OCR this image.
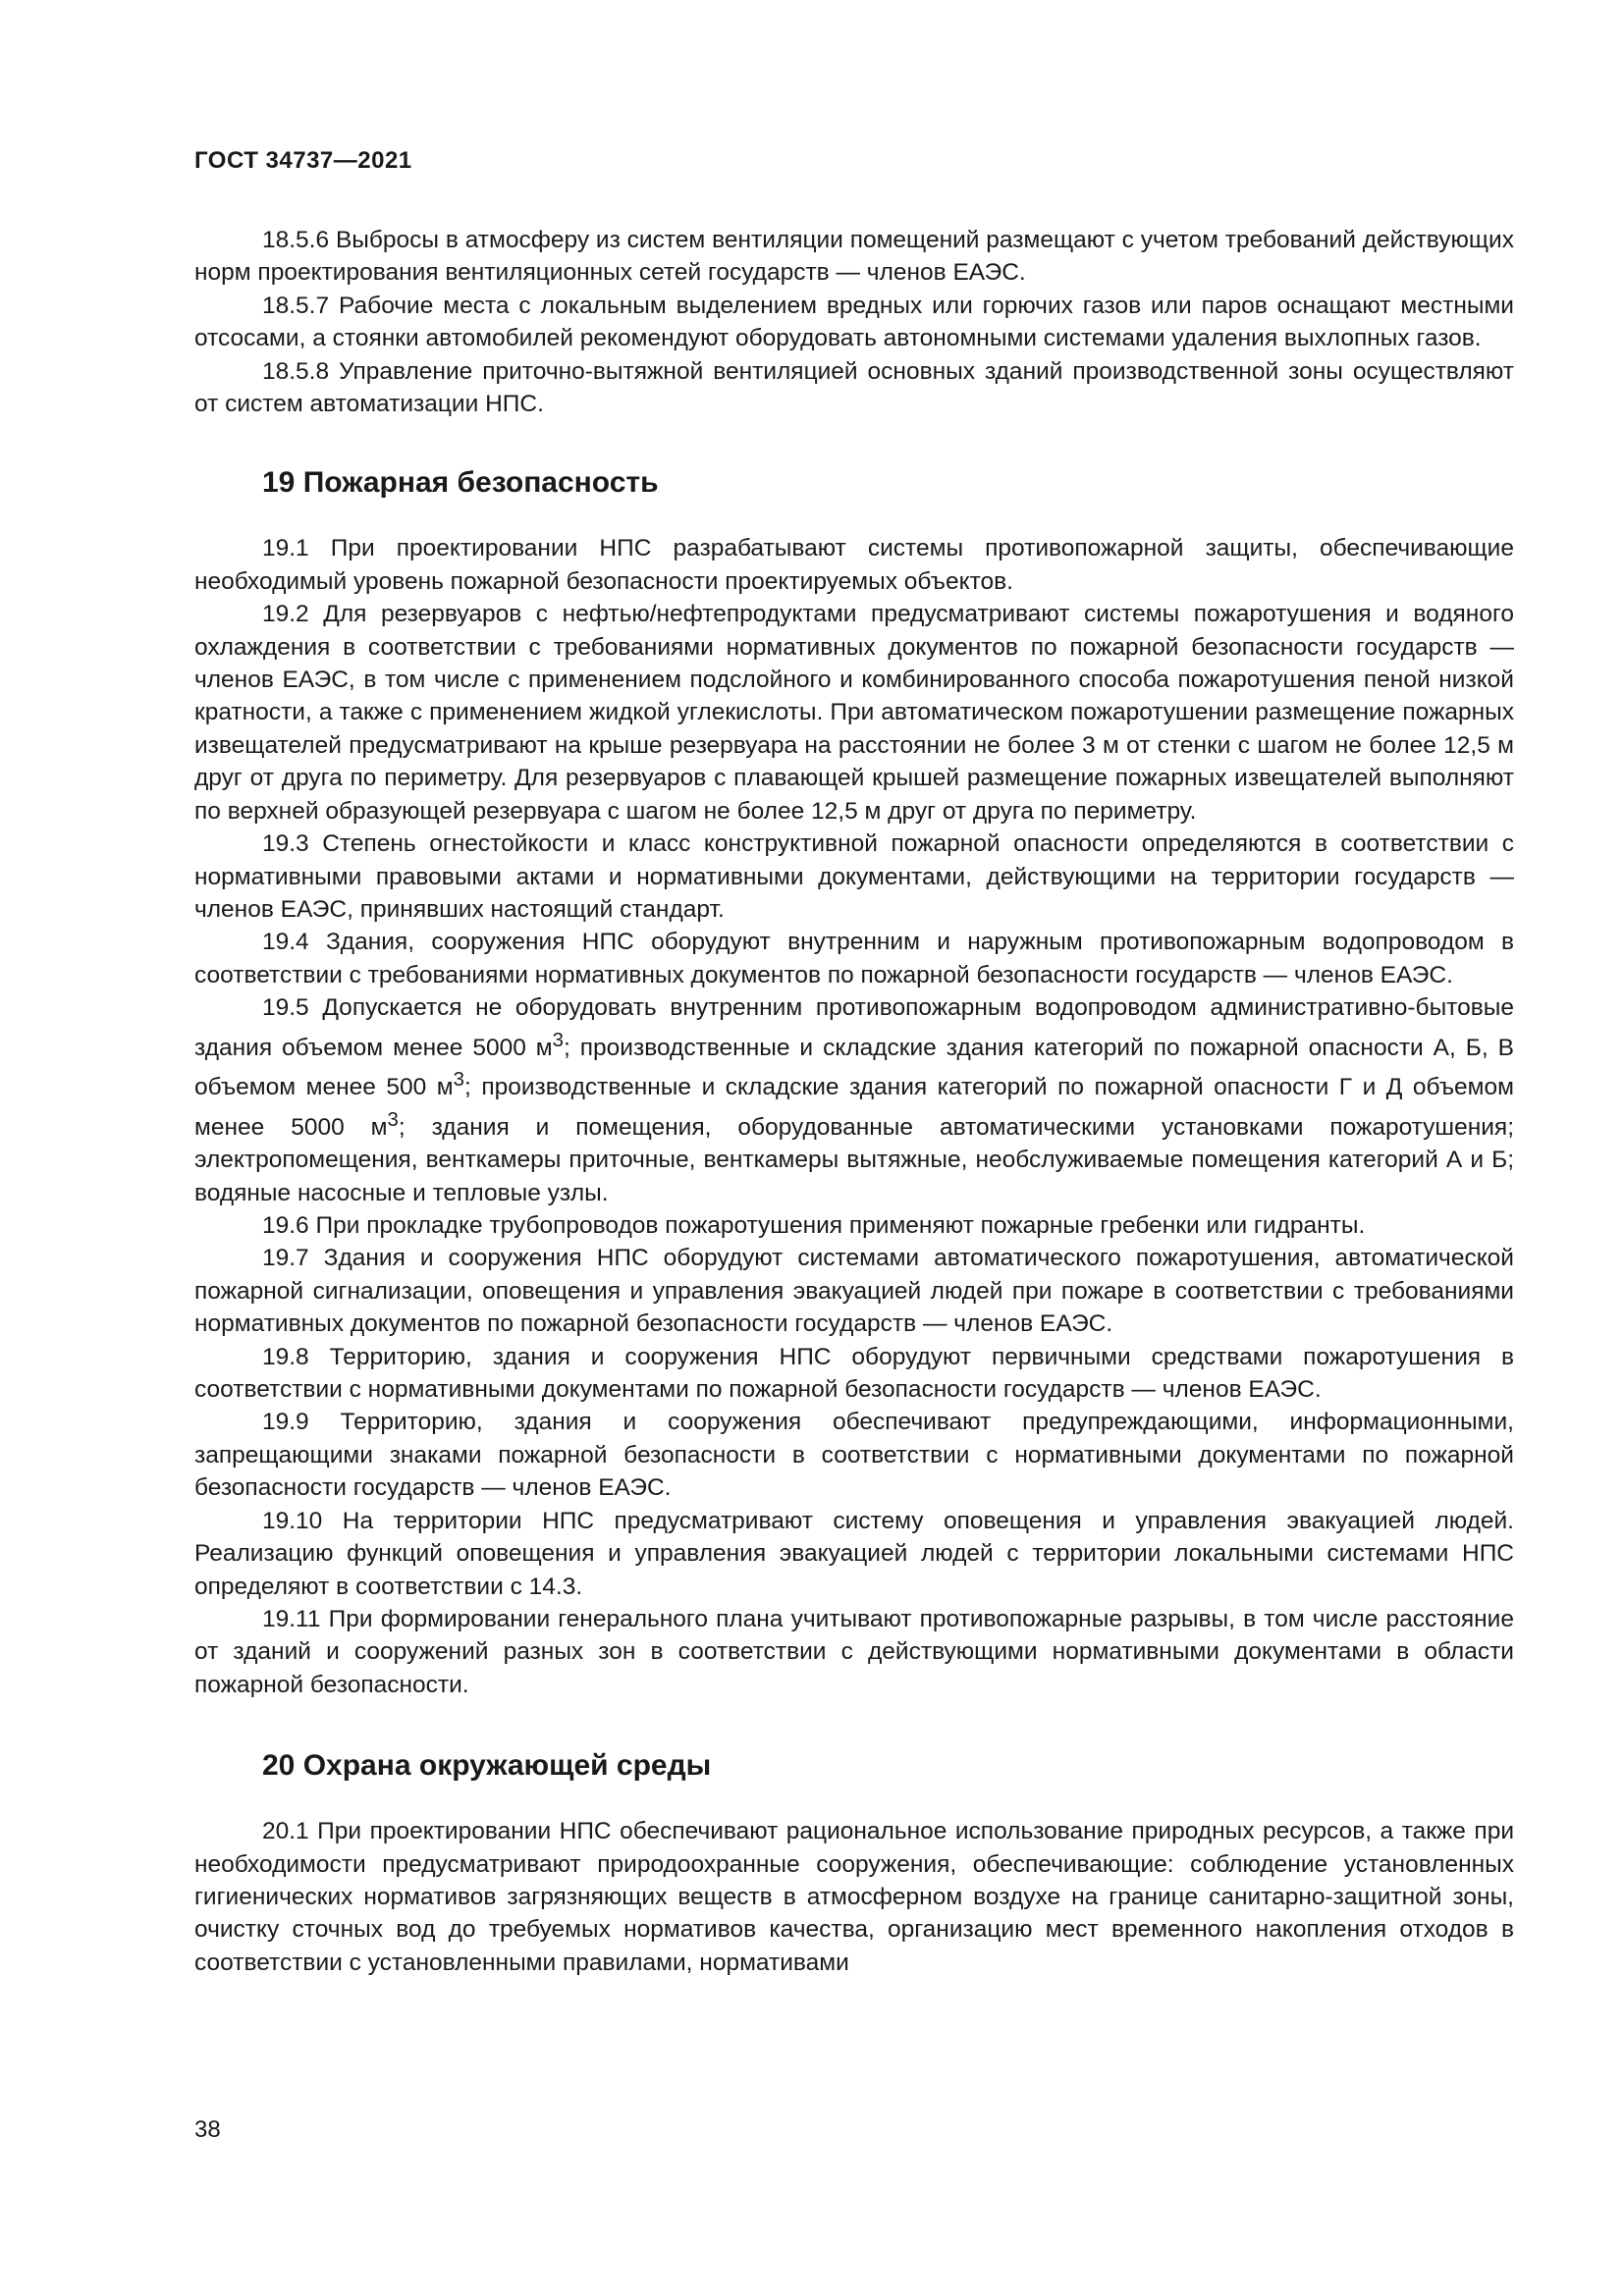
ГОСТ 34737—2021

18.5.6 Выбросы в атмосферу из систем вентиляции помещений размещают с учетом требований действующих норм проектирования вентиляционных сетей государств — членов ЕАЭС.

18.5.7 Рабочие места с локальным выделением вредных или горючих газов или паров оснащают местными отсосами, а стоянки автомобилей рекомендуют оборудовать автономными системами удаления выхлопных газов.

18.5.8 Управление приточно-вытяжной вентиляцией основных зданий производственной зоны осуществляют от систем автоматизации НПС.

19 Пожарная безопасность

19.1 При проектировании НПС разрабатывают системы противопожарной защиты, обеспечивающие необходимый уровень пожарной безопасности проектируемых объектов.

19.2 Для резервуаров с нефтью/нефтепродуктами предусматривают системы пожаротушения и водяного охлаждения в соответствии с требованиями нормативных документов по пожарной безопасности государств — членов ЕАЭС, в том числе с применением подслойного и комбинированного способа пожаротушения пеной низкой кратности, а также с применением жидкой углекислоты. При автоматическом пожаротушении размещение пожарных извещателей предусматривают на крыше резервуара на расстоянии не более 3 м от стенки с шагом не более 12,5 м друг от друга по периметру. Для резервуаров с плавающей крышей размещение пожарных извещателей выполняют по верхней образующей резервуара с шагом не более 12,5 м друг от друга по периметру.

19.3 Степень огнестойкости и класс конструктивной пожарной опасности определяются в соответствии с нормативными правовыми актами и нормативными документами, действующими на территории государств — членов ЕАЭС, принявших настоящий стандарт.

19.4 Здания, сооружения НПС оборудуют внутренним и наружным противопожарным водопроводом в соответствии с требованиями нормативных документов по пожарной безопасности государств — членов ЕАЭС.

19.5 Допускается не оборудовать внутренним противопожарным водопроводом административно-бытовые здания объемом менее 5000 $м^3$; производственные и складские здания категорий по пожарной опасности А, Б, В объемом менее 500 $м^3$; производственные и складские здания категорий по пожарной опасности Г и Д объемом менее 5000 $м^3$; здания и помещения, оборудованные автоматическими установками пожаротушения; электропомещения, венткамеры приточные, венткамеры вытяжные, необслуживаемые помещения категорий А и Б; водяные насосные и тепловые узлы.

19.6 При прокладке трубопроводов пожаротушения применяют пожарные гребенки или гидранты.

19.7 Здания и сооружения НПС оборудуют системами автоматического пожаротушения, автоматической пожарной сигнализации, оповещения и управления эвакуацией людей при пожаре в соответствии с требованиями нормативных документов по пожарной безопасности государств — членов ЕАЭС.

19.8 Территорию, здания и сооружения НПС оборудуют первичными средствами пожаротушения в соответствии с нормативными документами по пожарной безопасности государств — членов ЕАЭС.

19.9 Территорию, здания и сооружения обеспечивают предупреждающими, информационными, запрещающими знаками пожарной безопасности в соответствии с нормативными документами по пожарной безопасности государств — членов ЕАЭС.

19.10 На территории НПС предусматривают систему оповещения и управления эвакуацией людей. Реализацию функций оповещения и управления эвакуацией людей с территории локальными системами НПС определяют в соответствии с 14.3.

19.11 При формировании генерального плана учитывают противопожарные разрывы, в том числе расстояние от зданий и сооружений разных зон в соответствии с действующими нормативными документами в области пожарной безопасности.

20 Охрана окружающей среды

20.1 При проектировании НПС обеспечивают рациональное использование природных ресурсов, а также при необходимости предусматривают природоохранные сооружения, обеспечивающие: соблюдение установленных гигиенических нормативов загрязняющих веществ в атмосферном воздухе на границе санитарно-защитной зоны, очистку сточных вод до требуемых нормативов качества, организацию мест временного накопления отходов в соответствии с установленными правилами, нормативами

38
